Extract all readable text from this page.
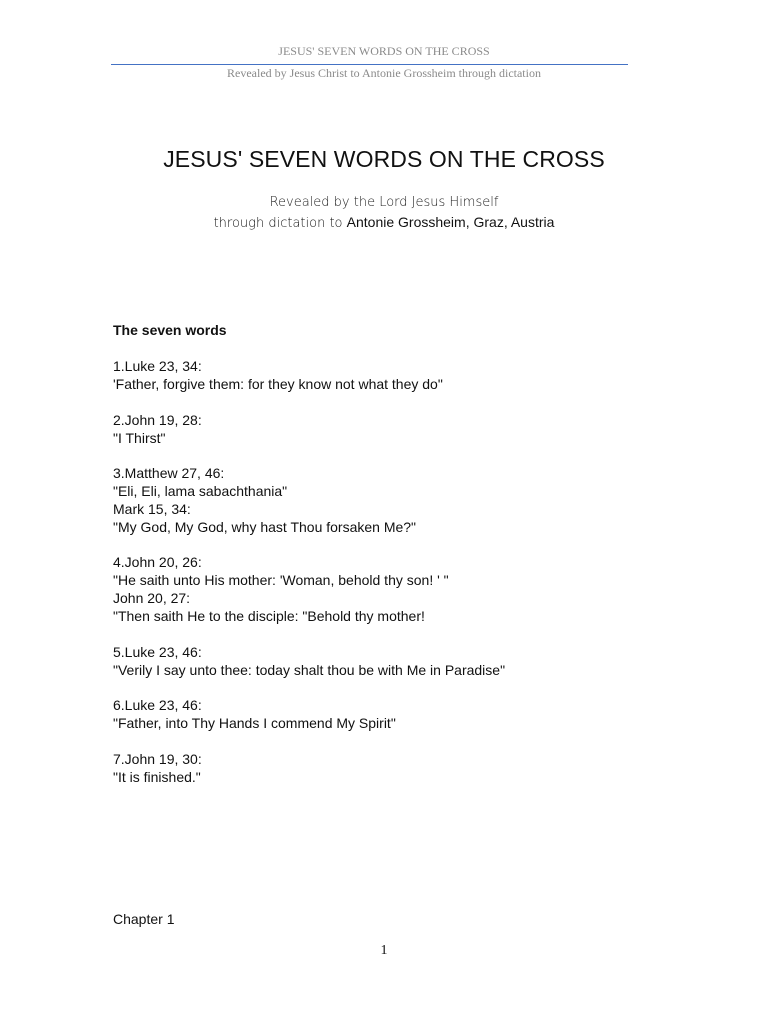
JESUS' SEVEN WORDS ON THE CROSS
Revealed by Jesus Christ to Antonie Grossheim through dictation
JESUS' SEVEN WORDS ON THE CROSS
Revealed by the Lord Jesus Himself
through dictation to Antonie Grossheim, Graz, Austria
The seven words
1.Luke 23, 34:
'Father, forgive them: for they know not what they do"
2.John 19, 28:
"I Thirst"
3.Matthew 27, 46:
"Eli, Eli, lama sabachthania"
Mark 15, 34:
"My God, My God, why hast Thou forsaken Me?"
4.John 20, 26:
"He saith unto His mother: 'Woman, behold thy son! ' "
John 20, 27:
"Then saith He to the disciple: "Behold thy mother!
5.Luke 23, 46:
"Verily I say unto thee: today shalt thou be with Me in Paradise"
6.Luke 23, 46:
"Father, into Thy Hands I commend My Spirit"
7.John 19, 30:
"It is finished."
Chapter 1
1
